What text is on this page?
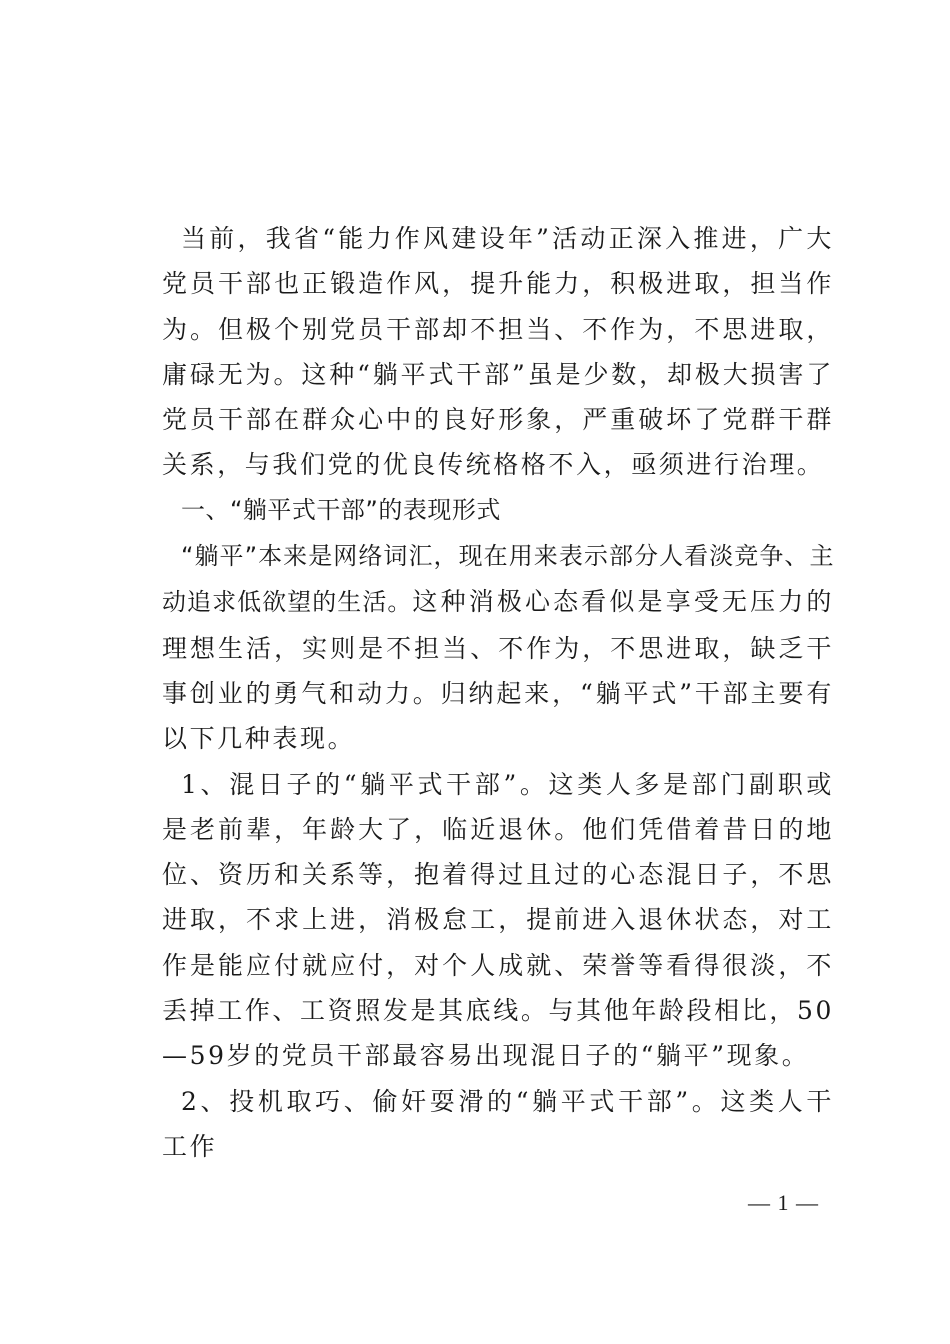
当前，我省“能力作风建设年”活动正深入推进，广大党员干部也正锻造作风，提升能力，积极进取，担当作为。但极个别党员干部却不担当、不作为，不思进取，庸碌无为。这种“躺平式干部”虽是少数，却极大损害了党员干部在群众心中的良好形象，严重破坏了党群干群关系，与我们党的优良传统格格不入，亟须进行治理。

一、“躺平式干部”的表现形式

“躺平”本来是网络词汇，现在用来表示部分人看淡竞争、主动追求低欲望的生活。这种消极心态看似是享受无压力的理想生活，实则是不担当、不作为，不思进取，缺乏干事创业的勇气和动力。归纳起来，“躺平式”干部主要有以下几种表现。

1、混日子的“躺平式干部”。这类人多是部门副职或是老前辈，年龄大了，临近退休。他们凭借着昔日的地位、资历和关系等，抱着得过且过的心态混日子，不思进取，不求上进，消极怠工，提前进入退休状态，对工作是能应付就应付，对个人成就、荣誉等看得很淡，不丢掉工作、工资照发是其底线。与其他年龄段相比，50—59岁的党员干部最容易出现混日子的“躺平”现象。

2、投机取巧、偷奸耍滑的“躺平式干部”。这类人干工作

— 1 —
